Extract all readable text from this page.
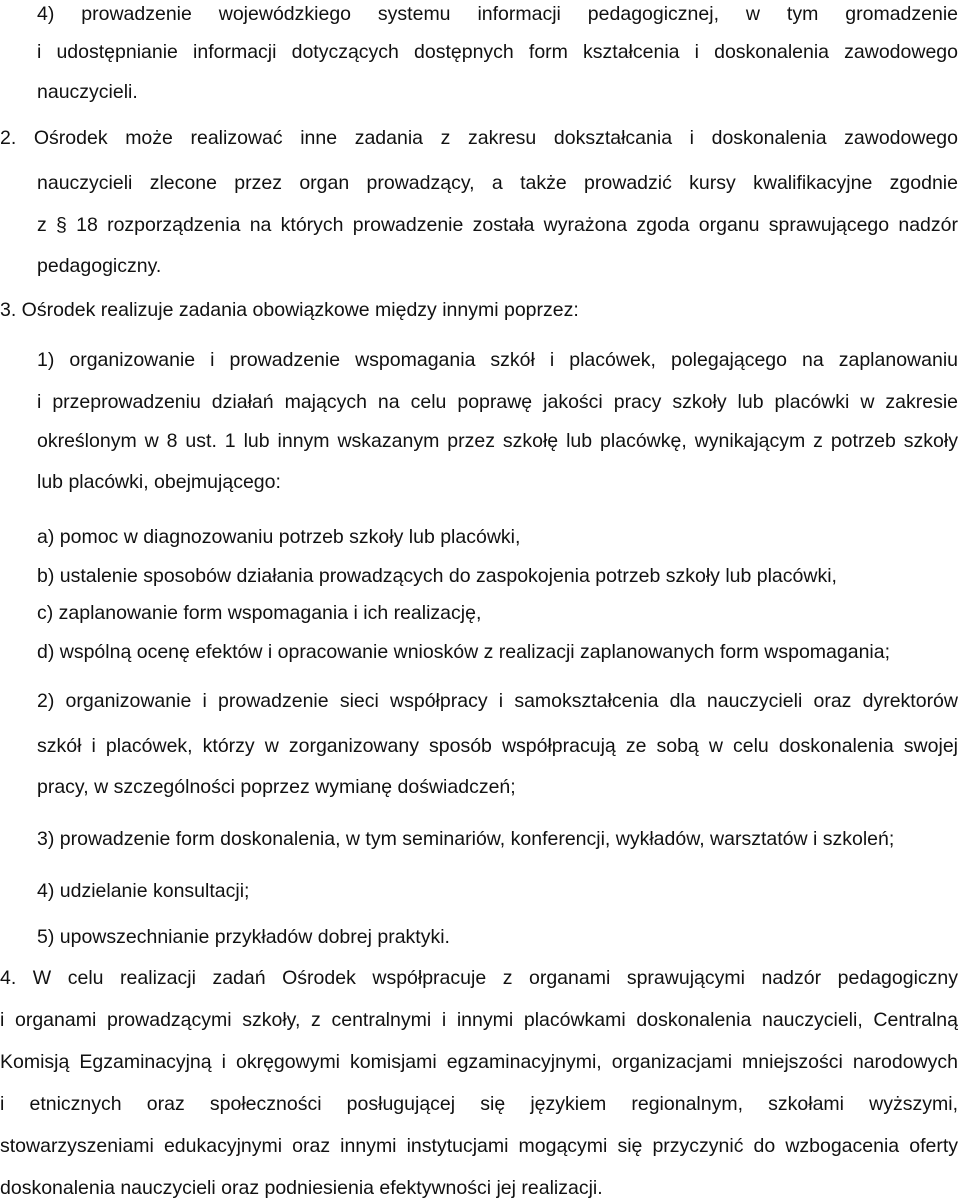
4) prowadzenie wojewódzkiego systemu informacji pedagogicznej, w tym gromadzenie
i udostępnianie informacji dotyczących dostępnych form kształcenia i doskonalenia zawodowego
nauczycieli.
2. Ośrodek może realizować inne zadania z zakresu dokształcania i doskonalenia zawodowego
nauczycieli zlecone przez organ prowadzący, a także prowadzić kursy kwalifikacyjne zgodnie
z § 18 rozporządzenia na których prowadzenie została wyrażona zgoda organu sprawującego nadzór
pedagogiczny.
3. Ośrodek realizuje zadania obowiązkowe między innymi poprzez:
1) organizowanie i prowadzenie wspomagania szkół i placówek, polegającego na zaplanowaniu
i przeprowadzeniu działań mających na celu poprawę jakości pracy szkoły lub placówki w zakresie
określonym w 8 ust. 1 lub innym wskazanym przez szkołę lub placówkę, wynikającym z potrzeb szkoły
lub placówki, obejmującego:
a) pomoc w diagnozowaniu potrzeb szkoły lub placówki,
b) ustalenie sposobów działania prowadzących do zaspokojenia potrzeb szkoły lub placówki,
c) zaplanowanie form wspomagania i ich realizację,
d) wspólną ocenę efektów i opracowanie wniosków z realizacji zaplanowanych form wspomagania;
2) organizowanie i prowadzenie sieci współpracy i samokształcenia dla nauczycieli oraz dyrektorów
szkół i placówek, którzy w zorganizowany sposób współpracują ze sobą w celu doskonalenia swojej
pracy, w szczególności poprzez wymianę doświadczeń;
3) prowadzenie form doskonalenia, w tym seminariów, konferencji, wykładów, warsztatów i szkoleń;
4) udzielanie konsultacji;
5) upowszechnianie przykładów dobrej praktyki.
4. W celu realizacji zadań Ośrodek współpracuje z organami sprawującymi nadzór pedagogiczny
i organami prowadzącymi szkoły, z centralnymi i innymi placówkami doskonalenia nauczycieli, Centralną
Komisją Egzaminacyjną i okręgowymi komisjami egzaminacyjnymi, organizacjami mniejszości narodowych
i etnicznych oraz społeczności posługującej się językiem regionalnym, szkołami wyższymi,
stowarzyszeniami edukacyjnymi oraz innymi instytucjami mogącymi się przyczynić do wzbogacenia oferty
doskonalenia nauczycieli oraz podniesienia efektywności jej realizacji.
